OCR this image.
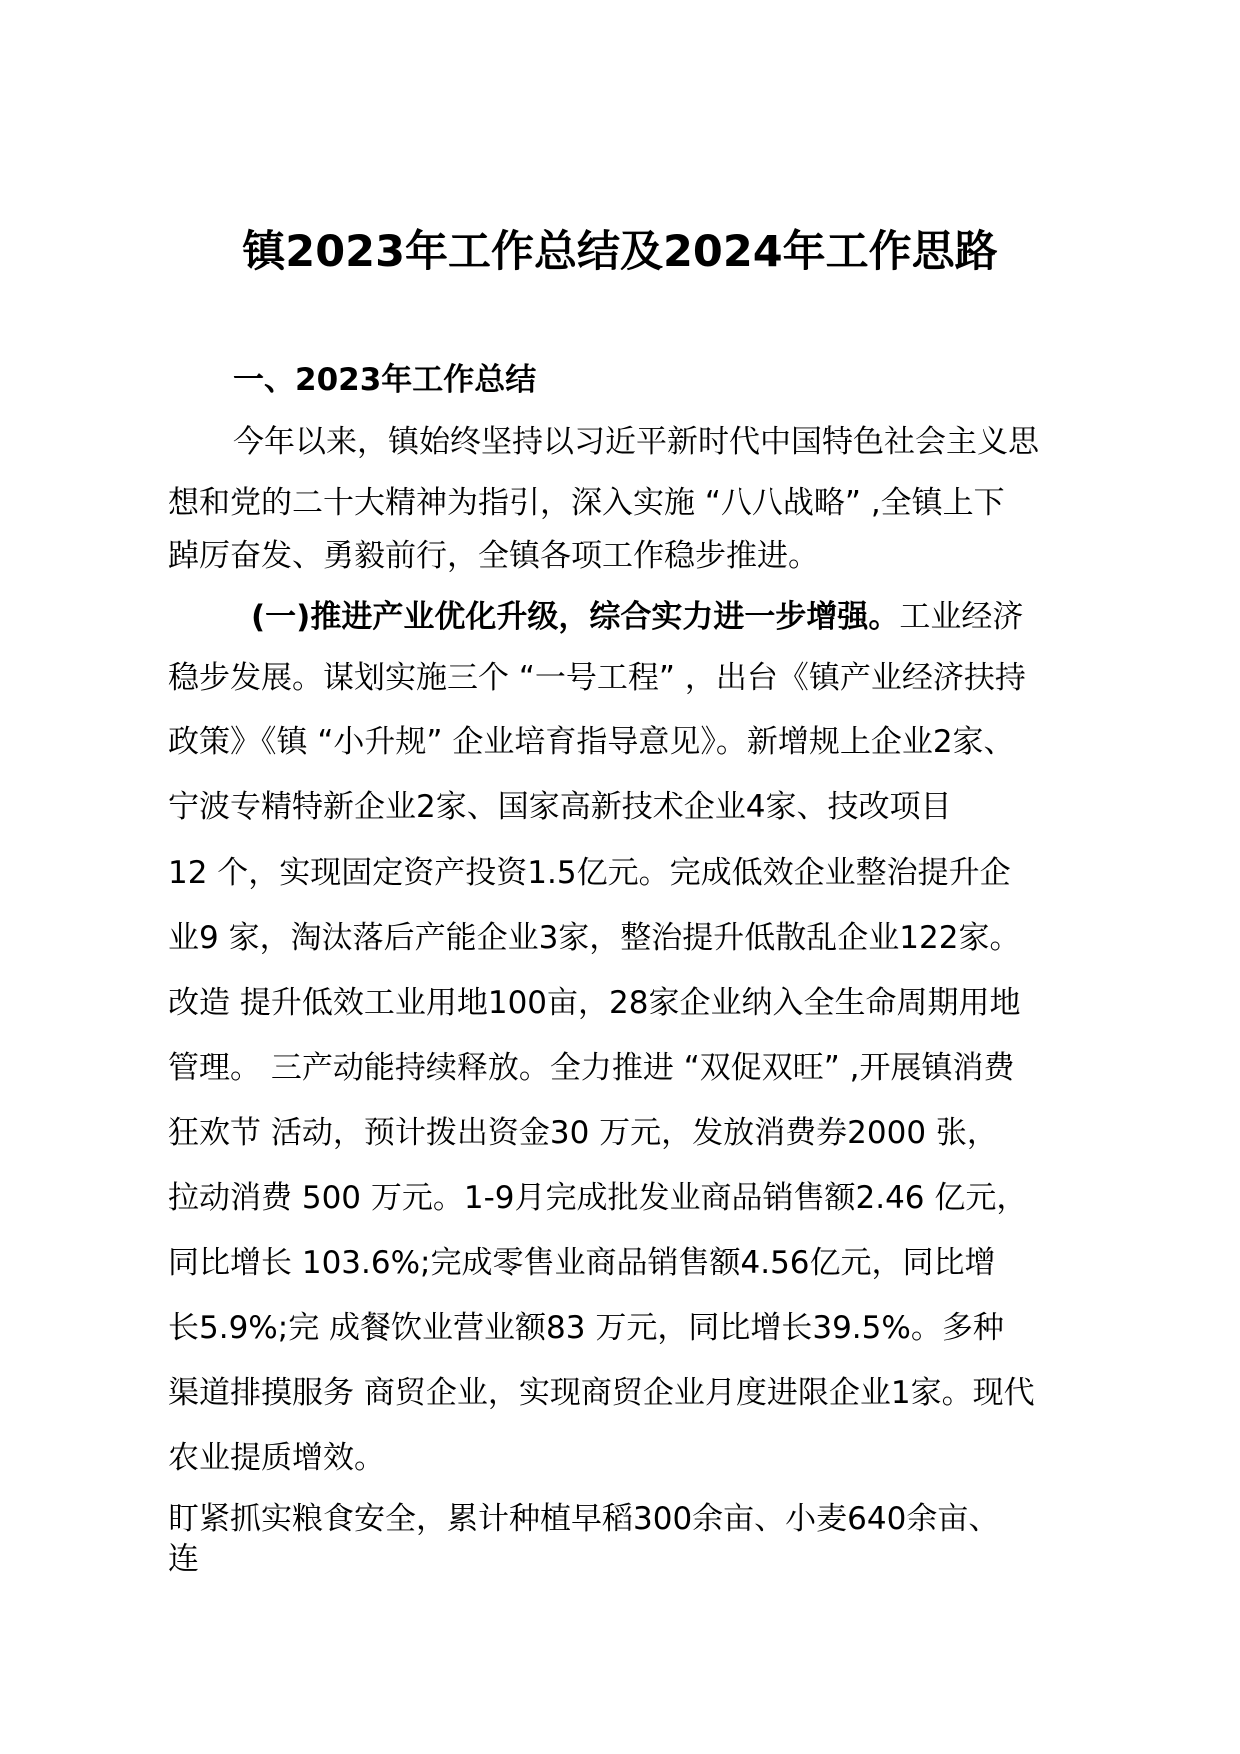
镇2023年工作总结及2024年工作思路
一、2023年工作总结
今年以来，镇始终坚持以习近平新时代中国特色社会主义思
想和党的二十大精神为指引，深入实施 “八八战略” ,全镇上下
踔厉奋发、勇毅前行，全镇各项工作稳步推进。
(一)推进产业优化升级，综合实力进一步增强。工业经济
稳步发展。谋划实施三个 “一号工程” ，出台《镇产业经济扶持
政策》《镇 “小升规” 企业培育指导意见》。新增规上企业2家、
宁波专精特新企业2家、国家高新技术企业4家、技改项目
12 个，实现固定资产投资1.5亿元。完成低效企业整治提升企
业9 家，淘汰落后产能企业3家，整治提升低散乱企业122家。
改造 提升低效工业用地100亩，28家企业纳入全生命周期用地
管理。 三产动能持续释放。全力推进 “双促双旺” ,开展镇消费
狂欢节 活动，预计拨出资金30 万元，发放消费券2000 张，
拉动消费 500 万元。1-9月完成批发业商品销售额2.46 亿元，
同比增长 103.6%;完成零售业商品销售额4.56亿元，同比增
长5.9%;完 成餐饮业营业额83 万元，同比增长39.5%。多种
渠道排摸服务 商贸企业，实现商贸企业月度进限企业1家。现代
农业提质增效。
盯紧抓实粮食安全，累计种植早稻300余亩、小麦640余亩、
连
